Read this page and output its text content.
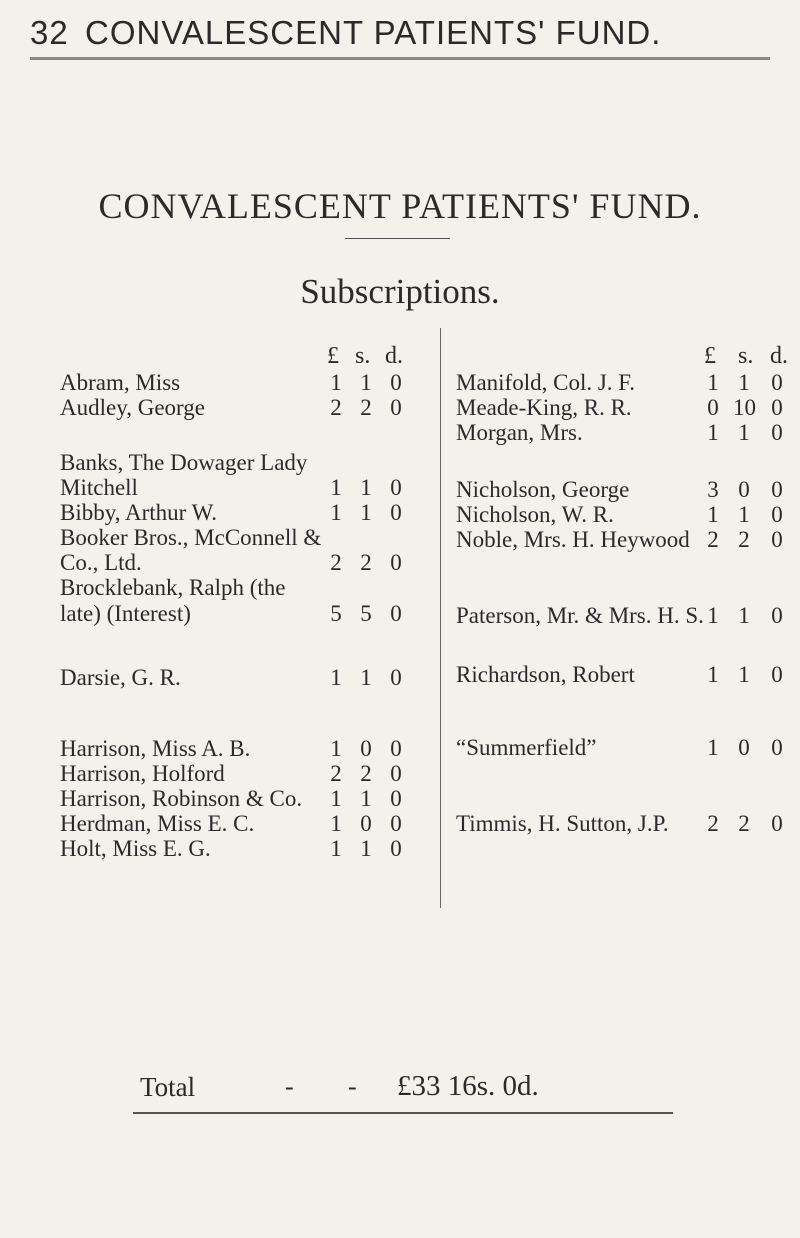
32 CONVALESCENT PATIENTS' FUND.
CONVALESCENT PATIENTS' FUND.
Subscriptions.
£ s. d.	£ s. d.
Abram, Miss	1 1 0
Audley, George	2 2 0
Banks, The Dowager Lady
Mitchell	1 1 0
Bibby, Arthur W.	1 1 0
Booker Bros., McConnell &
Co., Ltd.	2 2 0
Brocklebank, Ralph (the
late) (Interest)	5 5 0
Darsie, G. R.	1 1 0
Harrison, Miss A. B.	1 0 0
Harrison, Holford	2 2 0
Harrison, Robinson & Co. 1 1 0
Herdman, Miss E. C.	1 0 0
Holt, Miss E. G.	1 1 0
Manifold, Col. J. F.	1 1 0
Meade-King, R. R.	0 10 0
Morgan, Mrs.	1 1 0
Nicholson, George	3 0 0
Nicholson, W. R.	1 1 0
Noble, Mrs. H. Heywood 2 2 0
Paterson, Mr. & Mrs. H. S. 1 1 0
Richardson, Robert	1 1 0
“Summerfield”	1 0 0
Timmis, H. Sutton, J.P. 2 2 0
Total	- - £33 16s. 0d.
